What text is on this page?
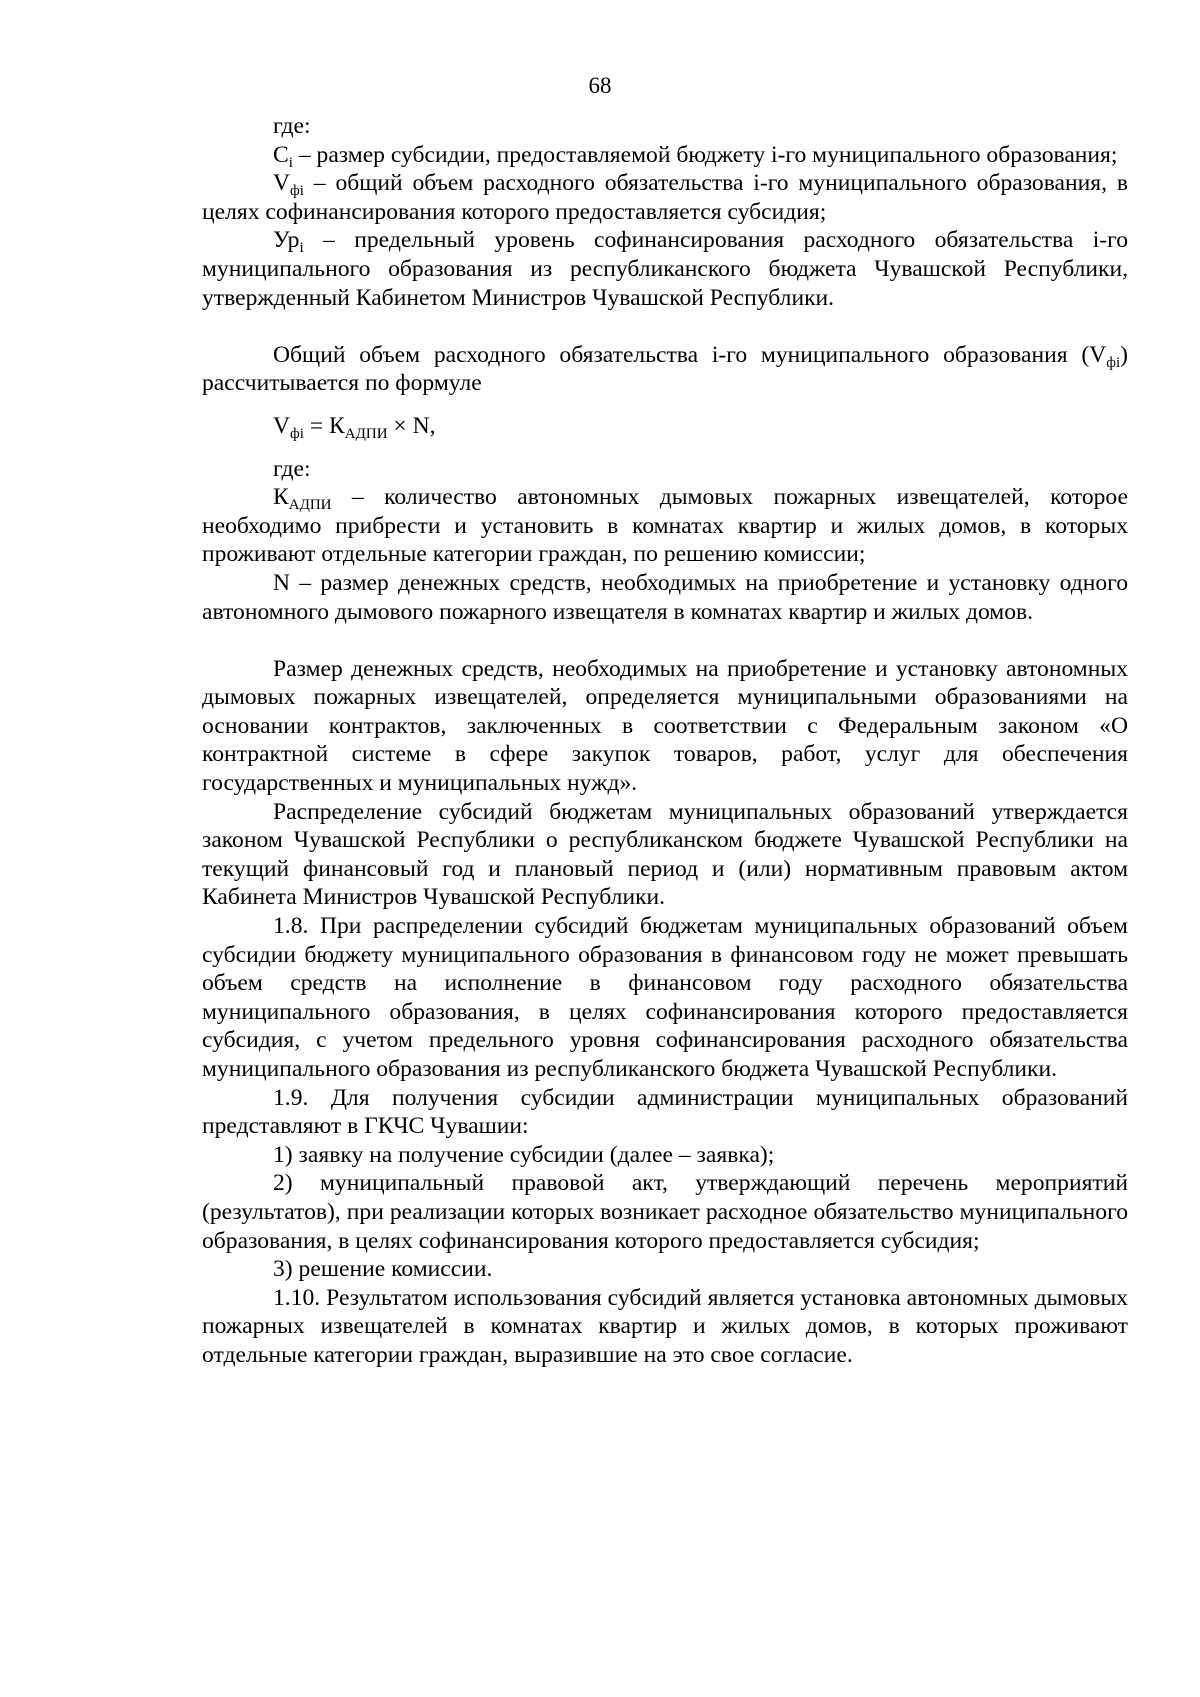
68

где:

$С_i$ – размер субсидии, предоставляемой бюджету i-го муниципального образования;

$V_{фi}$ – общий объем расходного обязательства i-го муниципального образования, в целях софинансирования которого предоставляется субсидия;

$Ур_i$ – предельный уровень софинансирования расходного обязательства i-го муниципального образования из республиканского бюджета Чувашской Республики, утвержденный Кабинетом Министров Чувашской Республики.

Общий объем расходного обязательства i-го муниципального образования $(V_{фi})$ рассчитывается по формуле

$V_{фi} = К_{АДПИ} \times N$,

где:

$К_{АДПИ}$ – количество автономных дымовых пожарных извещателей, которое необходимо прибрести и установить в комнатах квартир и жилых домов, в которых проживают отдельные категории граждан, по решению комиссии;

N – размер денежных средств, необходимых на приобретение и установку одного автономного дымового пожарного извещателя в комнатах квартир и жилых домов.

Размер денежных средств, необходимых на приобретение и установку автономных дымовых пожарных извещателей, определяется муниципальными образованиями на основании контрактов, заключенных в соответствии с Федеральным законом «О контрактной системе в сфере закупок товаров, работ, услуг для обеспечения государственных и муниципальных нужд».

Распределение субсидий бюджетам муниципальных образований утверждается законом Чувашской Республики о республиканском бюджете Чувашской Республики на текущий финансовый год и плановый период и (или) нормативным правовым актом Кабинета Министров Чувашской Республики.

1.8. При распределении субсидий бюджетам муниципальных образований объем субсидии бюджету муниципального образования в финансовом году не может превышать объем средств на исполнение в финансовом году расходного обязательства муниципального образования, в целях софинансирования которого предоставляется субсидия, с учетом предельного уровня софинансирования расходного обязательства муниципального образования из республиканского бюджета Чувашской Республики.

1.9. Для получения субсидии администрации муниципальных образований представляют в ГКЧС Чувашии:

1) заявку на получение субсидии (далее – заявка);

2) муниципальный правовой акт, утверждающий перечень мероприятий (результатов), при реализации которых возникает расходное обязательство муниципального образования, в целях софинансирования которого предоставляется субсидия;

3) решение комиссии.

1.10. Результатом использования субсидий является установка автономных дымовых пожарных извещателей в комнатах квартир и жилых домов, в которых проживают отдельные категории граждан, выразившие на это свое согласие.
